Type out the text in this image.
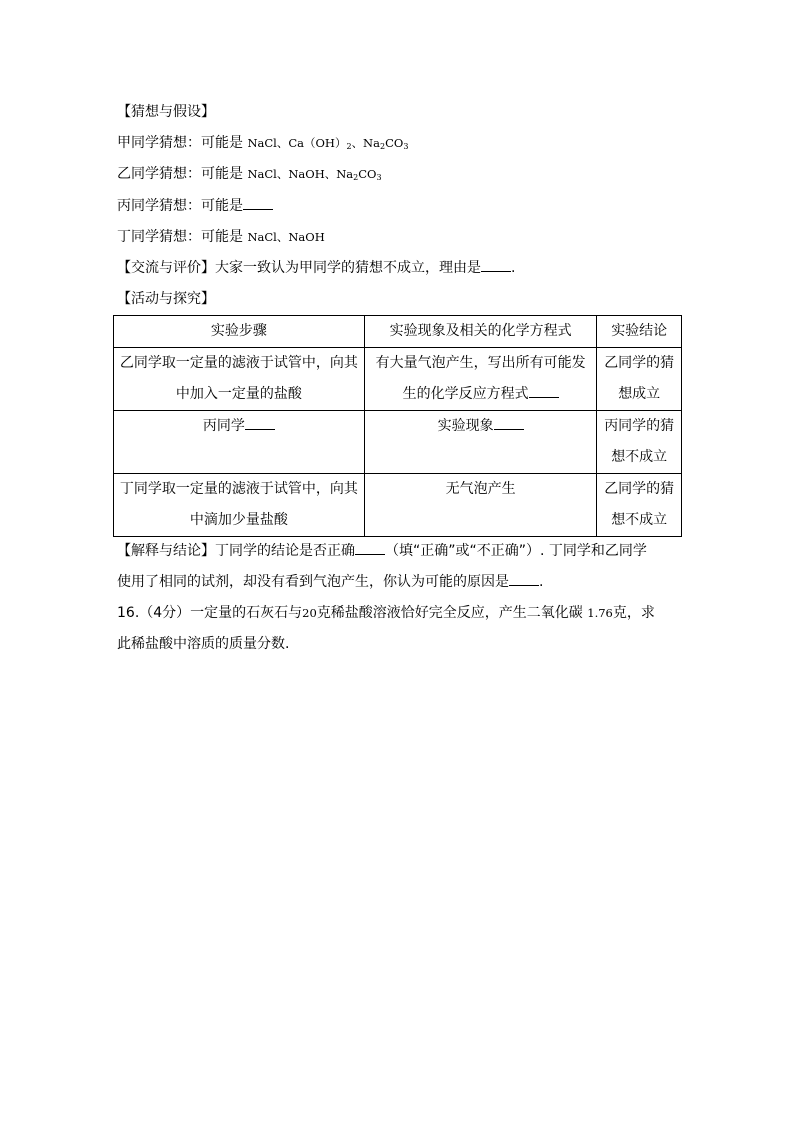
【猜想与假设】
甲同学猜想：可能是 NaCl、$Ca(OH)_2$、$Na_2CO_3$
乙同学猜想：可能是 NaCl、NaOH、$Na_2CO_3$
丙同学猜想：可能是
丁同学猜想：可能是 NaCl、NaOH
【交流与评价】大家一致认为甲同学的猜想不成立，理由是 .
【活动与探究】
实验步骤	实验现象及相关的化学方程式	实验结论
乙同学取一定量的滤液于试管中，向其中加入一定量的盐酸	有大量气泡产生，写出所有可能发生的化学反应方程式	乙同学的猜想成立
丙同学	实验现象	丙同学的猜想不成立
丁同学取一定量的滤液于试管中，向其中滴加少量盐酸	无气泡产生	乙同学的猜想不成立
【解释与结论】丁同学的结论是否正确 （填“正确”或“不正确”）. 丁同学和乙同学
使用了相同的试剂，却没有看到气泡产生，你认为可能的原因是 .
16.（4分）一定量的石灰石与20克稀盐酸溶液恰好完全反应，产生二氧化碳 1.76克，求
此稀盐酸中溶质的质量分数.
